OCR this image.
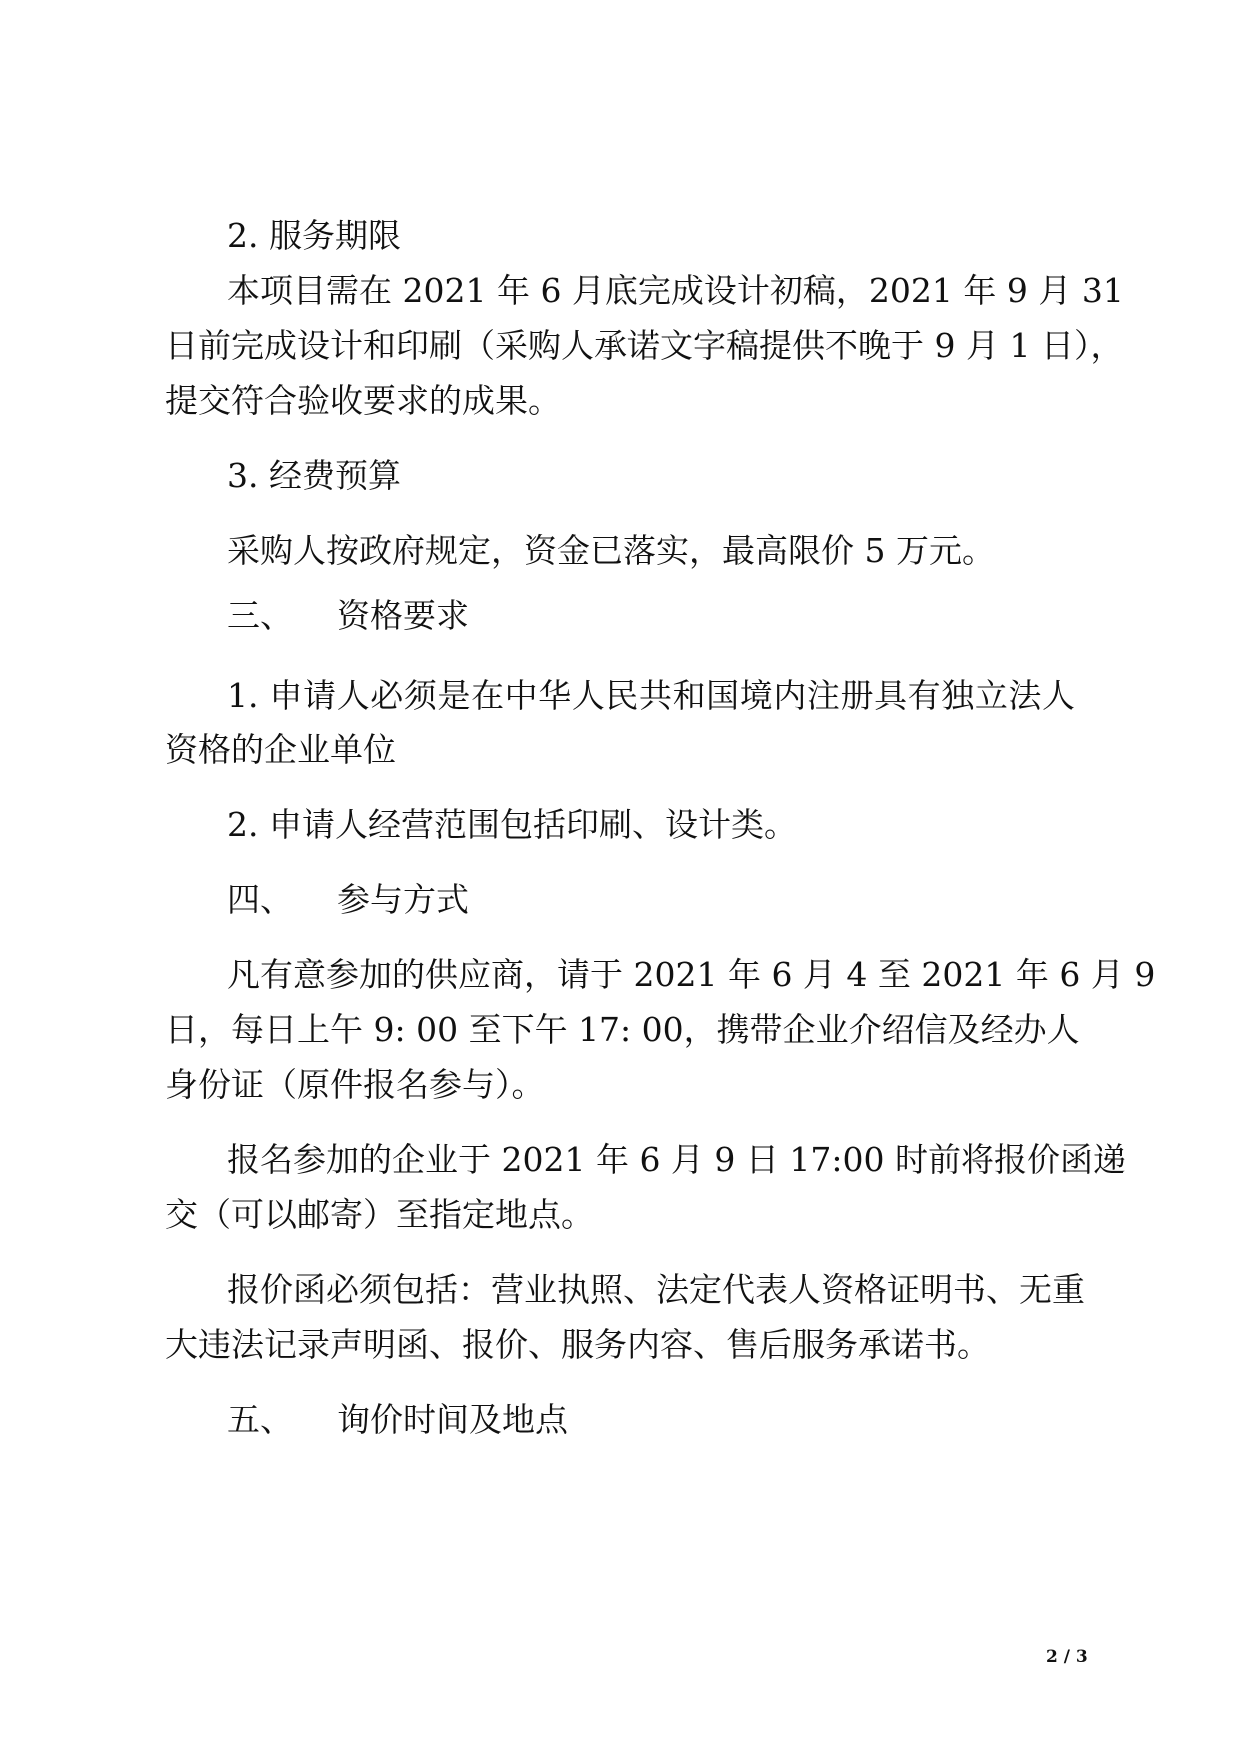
2. 服务期限
本项目需在 2021 年 6 月底完成设计初稿，2021 年 9 月 31
日前完成设计和印刷（采购人承诺文字稿提供不晚于 9 月 1 日），
提交符合验收要求的成果。
3. 经费预算
采购人按政府规定，资金已落实，最高限价 5 万元。
三、 资格要求
1. 申请人必须是在中华人民共和国境内注册具有独立法人
资格的企业单位
2. 申请人经营范围包括印刷、设计类。
四、 参与方式
凡有意参加的供应商，请于 2021 年 6 月 4 至 2021 年 6 月 9
日，每日上午 9: 00 至下午 17: 00，携带企业介绍信及经办人
身份证（原件报名参与）。
报名参加的企业于 2021 年 6 月 9 日 17:00 时前将报价函递
交（可以邮寄）至指定地点。
报价函必须包括：营业执照、法定代表人资格证明书、无重
大违法记录声明函、报价、服务内容、售后服务承诺书。
五、 询价时间及地点
2 / 3
